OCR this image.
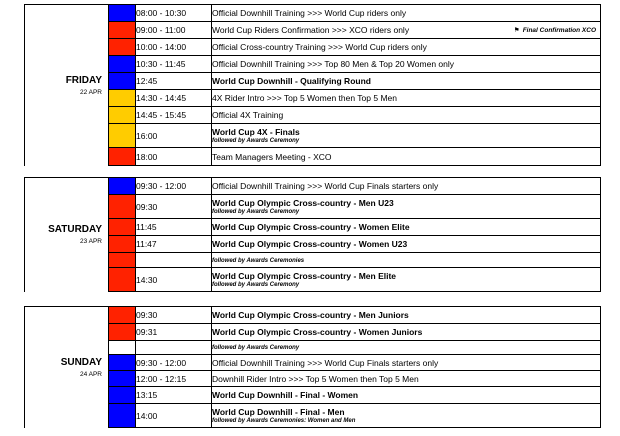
FRIDAY
22 APR		08:00 - 10:30	Official Downhill Training >>> World Cup riders only

		09:00 - 11:00	World Cup Riders Confirmation >>> XCO riders only ⚑ Final Confirmation XCO

		10:00 - 14:00	Official Cross-country Training >>> World Cup riders only

		10:30 - 11:45	Official Downhill Training >>> Top 80 Men & Top 20 Women only

		12:45	World Cup Downhill - Qualifying Round

		14:30 - 14:45	4X Rider Intro >>> Top 5 Women then Top 5 Men

		14:45 - 15:45	Official 4X Training

		16:00	World Cup 4X - Finals
followed by Awards Ceremony

		18:00	Team Managers Meeting - XCO
SATURDAY
23 APR		09:30 - 12:00	Official Downhill Training >>> World Cup Finals starters only

		09:30	World Cup Olympic Cross-country - Men U23
followed by Awards Ceremony

		11:45	World Cup Olympic Cross-country - Women Elite

		11:47	World Cup Olympic Cross-country - Women U23

			followed by Awards Ceremonies

		14:30	World Cup Olympic Cross-country - Men Elite
followed by Awards Ceremony
SUNDAY
24 APR		09:30	World Cup Olympic Cross-country - Men Juniors

		09:31	World Cup Olympic Cross-country - Women Juniors

			followed by Awards Ceremony

		09:30 - 12:00	Official Downhill Training >>> World Cup Finals starters only

		12:00 - 12:15	Downhill Rider Intro >>> Top 5 Women then Top 5 Men

		13:15	World Cup Downhill - Final - Women

		14:00	World Cup Downhill - Final - Men
followed by Awards Ceremonies: Women and Men
